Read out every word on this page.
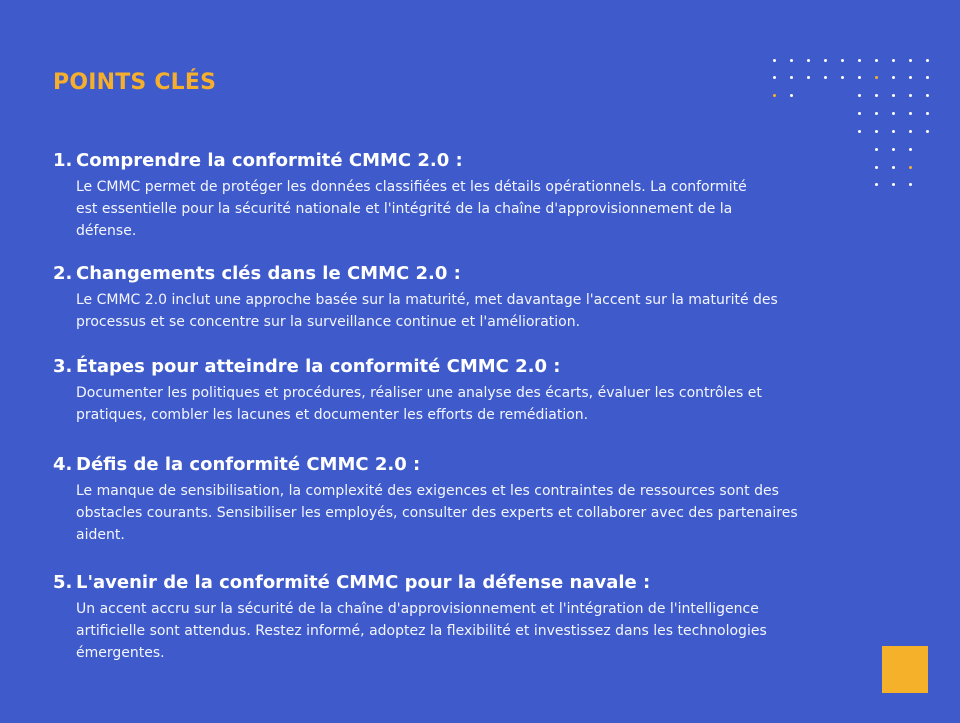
POINTS CLÉS
1. Comprendre la conformité CMMC 2.0 :

Le CMMC permet de protéger les données classifiées et les détails opérationnels. La conformité est essentielle pour la sécurité nationale et l'intégrité de la chaîne d'approvisionnement de la défense.

2. Changements clés dans le CMMC 2.0 :

Le CMMC 2.0 inclut une approche basée sur la maturité, met davantage l'accent sur la maturité des processus et se concentre sur la surveillance continue et l'amélioration.

3. Étapes pour atteindre la conformité CMMC 2.0 :

Documenter les politiques et procédures, réaliser une analyse des écarts, évaluer les contrôles et pratiques, combler les lacunes et documenter les efforts de remédiation.

4. Défis de la conformité CMMC 2.0 :

Le manque de sensibilisation, la complexité des exigences et les contraintes de ressources sont des obstacles courants. Sensibiliser les employés, consulter des experts et collaborer avec des partenaires aident.

5. L'avenir de la conformité CMMC pour la défense navale :

Un accent accru sur la sécurité de la chaîne d'approvisionnement et l'intégration de l'intelligence artificielle sont attendus. Restez informé, adoptez la flexibilité et investissez dans les technologies émergentes.
